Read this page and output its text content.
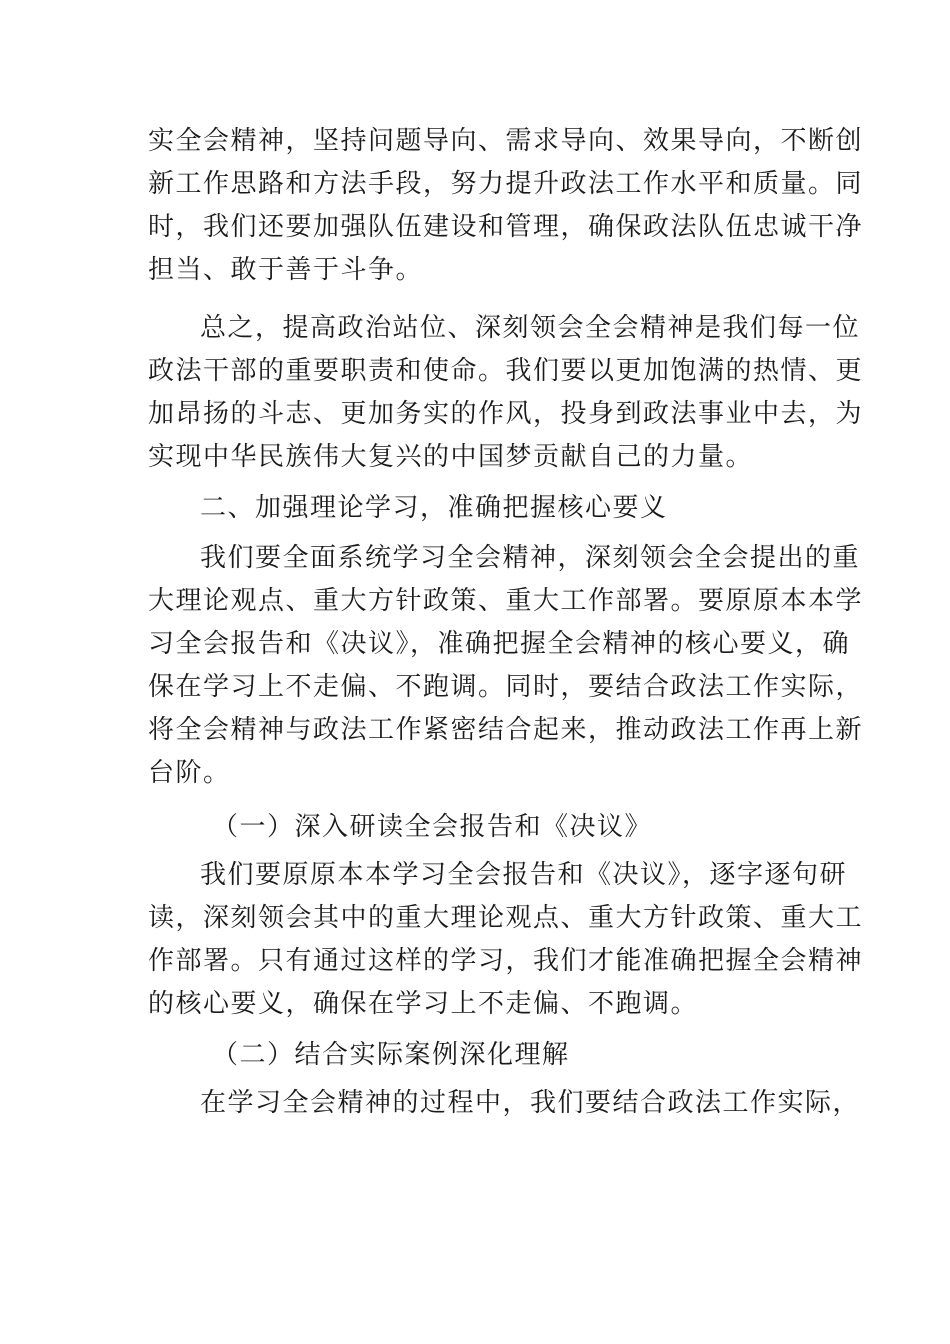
实全会精神，坚持问题导向、需求导向、效果导向，不断创
新工作思路和方法手段，努力提升政法工作水平和质量。同
时，我们还要加强队伍建设和管理，确保政法队伍忠诚干净
担当、敢于善于斗争。
总之，提高政治站位、深刻领会全会精神是我们每一位
政法干部的重要职责和使命。我们要以更加饱满的热情、更
加昂扬的斗志、更加务实的作风，投身到政法事业中去，为
实现中华民族伟大复兴的中国梦贡献自己的力量。
二、加强理论学习，准确把握核心要义
我们要全面系统学习全会精神，深刻领会全会提出的重
大理论观点、重大方针政策、重大工作部署。要原原本本学
习全会报告和《决议》，准确把握全会精神的核心要义，确
保在学习上不走偏、不跑调。同时，要结合政法工作实际，
将全会精神与政法工作紧密结合起来，推动政法工作再上新
台阶。
（一）深入研读全会报告和《决议》
我们要原原本本学习全会报告和《决议》，逐字逐句研
读，深刻领会其中的重大理论观点、重大方针政策、重大工
作部署。只有通过这样的学习，我们才能准确把握全会精神
的核心要义，确保在学习上不走偏、不跑调。
（二）结合实际案例深化理解
在学习全会精神的过程中，我们要结合政法工作实际，
